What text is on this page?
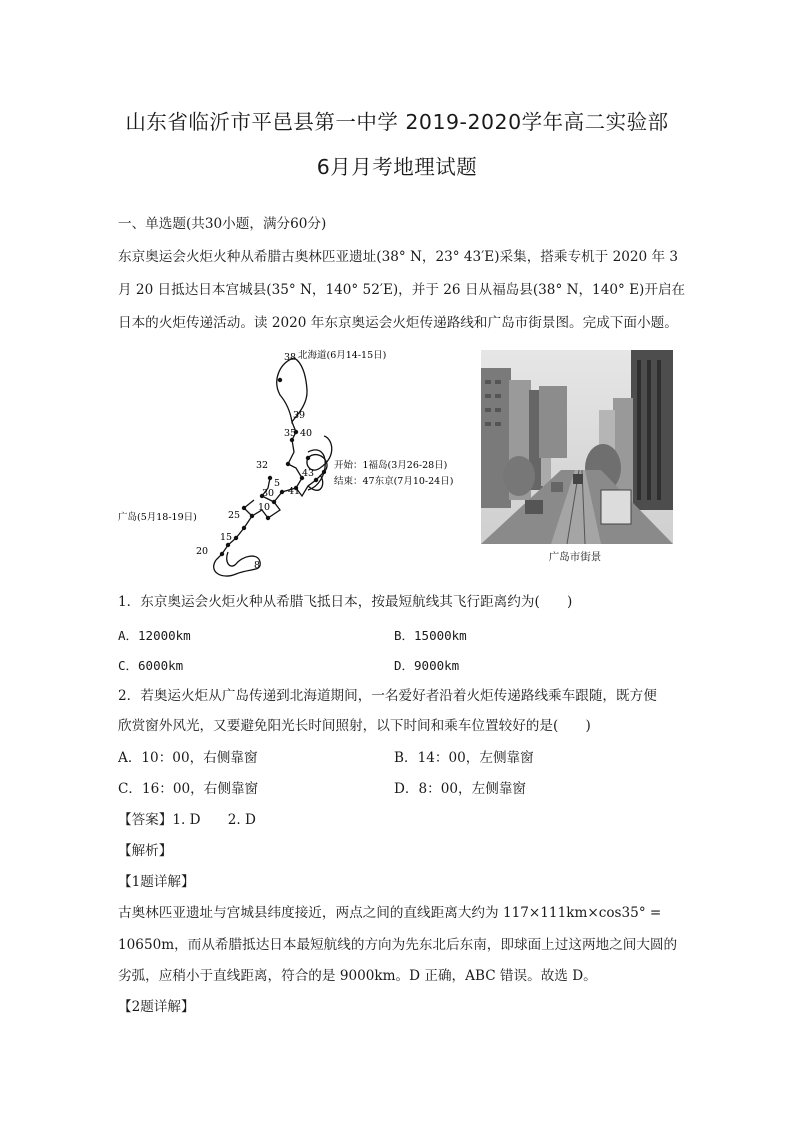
山东省临沂市平邑县第一中学 2019-2020学年高二实验部
6月月考地理试题
一、单选题(共30小题，满分60分)
东京奥运会火炬火种从希腊古奥林匹亚遗址(38° N，23° 43′E)采集，搭乘专机于 2020 年 3
月 20 日抵达日本宫城县(35° N，140° 52′E)，并于 26 日从福岛县(38° N，140° E)开启在
日本的火炬传递活动。读 2020 年东京奥运会火炬传递路线和广岛市街景图。完成下面小题。
38
39
35 40
32
43
5
41
30
10
25
15
20
8
北海道(6月14-15日)
开始：1福岛(3月26-28日)
结束：47东京(7月10-24日)
广岛(5月18-19日)
广岛市街景
1．东京奥运会火炬火种从希腊飞抵日本，按最短航线其飞行距离约为(　　)
A．12000km	B．15000km
C．6000km	D．9000km
2．若奥运火炬从广岛传递到北海道期间，一名爱好者沿着火炬传递路线乘车跟随，既方便
欣赏窗外风光，又要避免阳光长时间照射，以下时间和乘车位置较好的是(　　)
A．10：00，右侧靠窗	B．14：00，左侧靠窗
C．16：00，右侧靠窗	D．8：00，左侧靠窗
【答案】1. D　　2. D
【解析】
【1题详解】
古奥林匹亚遗址与宫城县纬度接近，两点之间的直线距离大约为 117×111km×cos35° =
10650m，而从希腊抵达日本最短航线的方向为先东北后东南，即球面上过这两地之间大圆的
劣弧，应稍小于直线距离，符合的是 9000km。D 正确，ABC 错误。故选 D。
【2题详解】
